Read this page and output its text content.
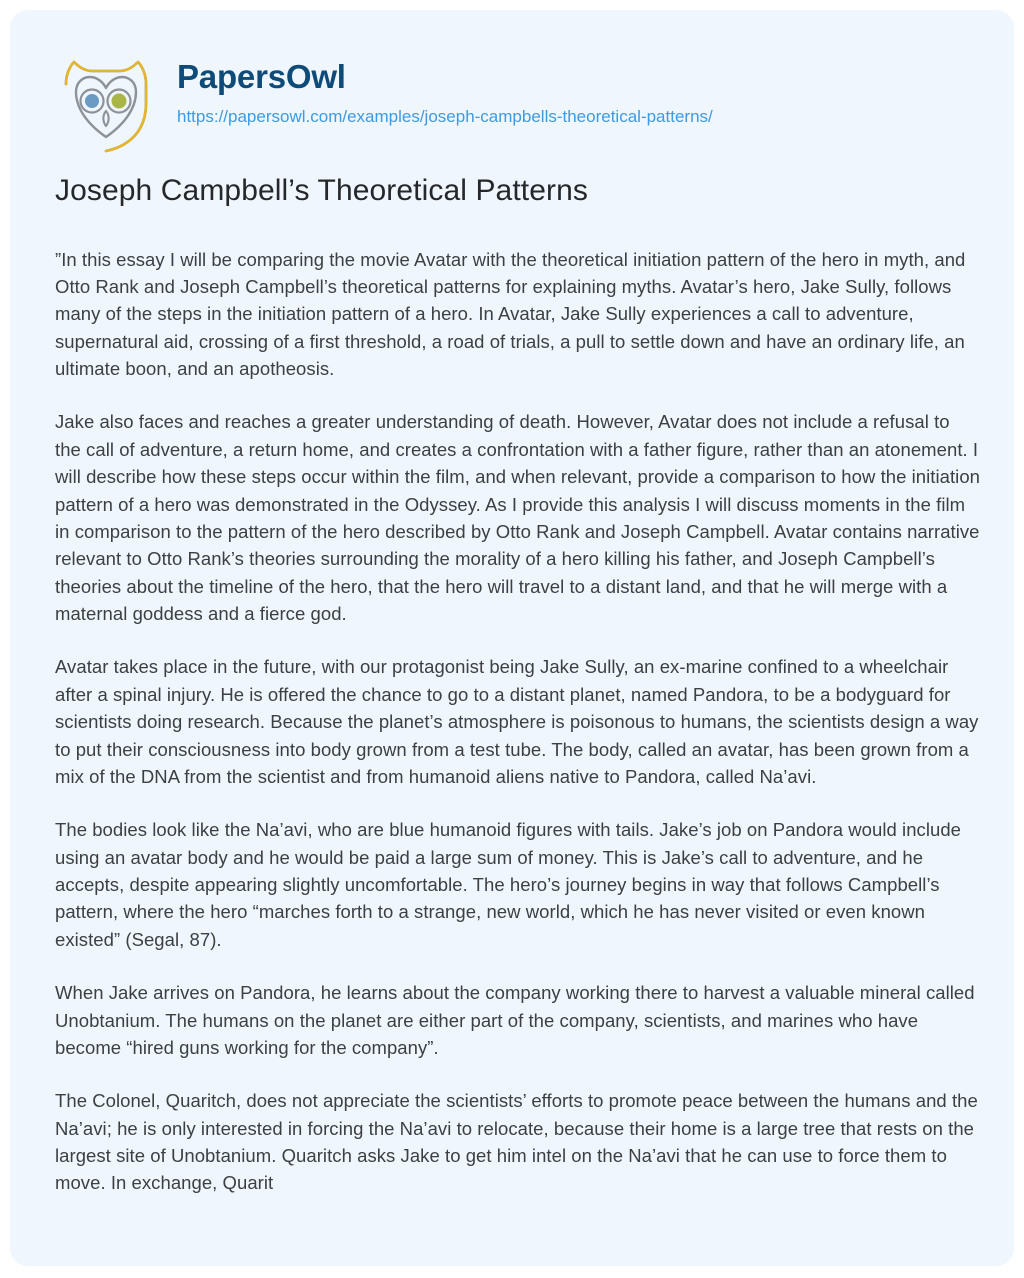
PapersOwl
https://papersowl.com/examples/joseph-campbells-theoretical-patterns/
Joseph Campbell’s Theoretical Patterns

”In this essay I will be comparing the movie Avatar with the theoretical initiation pattern of the hero in myth, and Otto Rank and Joseph Campbell’s theoretical patterns for explaining myths. Avatar’s hero, Jake Sully, follows many of the steps in the initiation pattern of a hero. In Avatar, Jake Sully experiences a call to adventure, supernatural aid, crossing of a first threshold, a road of trials, a pull to settle down and have an ordinary life, an ultimate boon, and an apotheosis.

Jake also faces and reaches a greater understanding of death. However, Avatar does not include a refusal to the call of adventure, a return home, and creates a confrontation with a father figure, rather than an atonement. I will describe how these steps occur within the film, and when relevant, provide a comparison to how the initiation pattern of a hero was demonstrated in the Odyssey. As I provide this analysis I will discuss moments in the film in comparison to the pattern of the hero described by Otto Rank and Joseph Campbell. Avatar contains narrative relevant to Otto Rank’s theories surrounding the morality of a hero killing his father, and Joseph Campbell’s theories about the timeline of the hero, that the hero will travel to a distant land, and that he will merge with a maternal goddess and a fierce god.

Avatar takes place in the future, with our protagonist being Jake Sully, an ex-marine confined to a wheelchair after a spinal injury. He is offered the chance to go to a distant planet, named Pandora, to be a bodyguard for scientists doing research. Because the planet’s atmosphere is poisonous to humans, the scientists design a way to put their consciousness into body grown from a test tube. The body, called an avatar, has been grown from a mix of the DNA from the scientist and from humanoid aliens native to Pandora, called Na’avi.

The bodies look like the Na’avi, who are blue humanoid figures with tails. Jake’s job on Pandora would include using an avatar body and he would be paid a large sum of money. This is Jake’s call to adventure, and he accepts, despite appearing slightly uncomfortable. The hero’s journey begins in way that follows Campbell’s pattern, where the hero “marches forth to a strange, new world, which he has never visited or even known existed” (Segal, 87).

When Jake arrives on Pandora, he learns about the company working there to harvest a valuable mineral called Unobtanium. The humans on the planet are either part of the company, scientists, and marines who have become “hired guns working for the company”.

The Colonel, Quaritch, does not appreciate the scientists’ efforts to promote peace between the humans and the Na’avi; he is only interested in forcing the Na’avi to relocate, because their home is a large tree that rests on the largest site of Unobtanium. Quaritch asks Jake to get him intel on the Na’avi that he can use to force them to move. In exchange, Quarit
